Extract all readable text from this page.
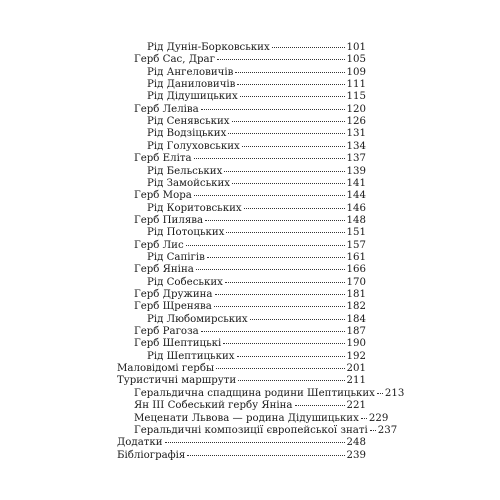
Рід Дунін-Борковських	101
Герб Сас, Драг	105
Рід Ангеловичів	109
Рід Даниловичів	111
Рід Дідушицьких	115
Герб Леліва	120
Рід Сенявських	126
Рід Водзіцьких	131
Рід Голуховських	134
Герб Еліта	137
Рід Бельських	139
Рід Замойських	141
Герб Мора	144
Рід Коритовських	146
Герб Пилява	148
Рід Потоцьких	151
Герб Лис	157
Рід Сапігів	161
Герб Яніна	166
Рід Собеських	170
Герб Дружина	181
Герб Щренява	182
Рід Любомирських	184
Герб Рагоза	187
Герб Шептицькі	190
Рід Шептицьких	192
Маловідомі гербы	201
Туристичні маршрути	211
Геральдична спадщина родини Шептицьких 213
Ян III Собеський гербу Яніна	221
Меценати Львова — родина Дідушицьких 229
Геральдичні композиції європейської знаті 237
Додатки	248
Бібліографія	239
